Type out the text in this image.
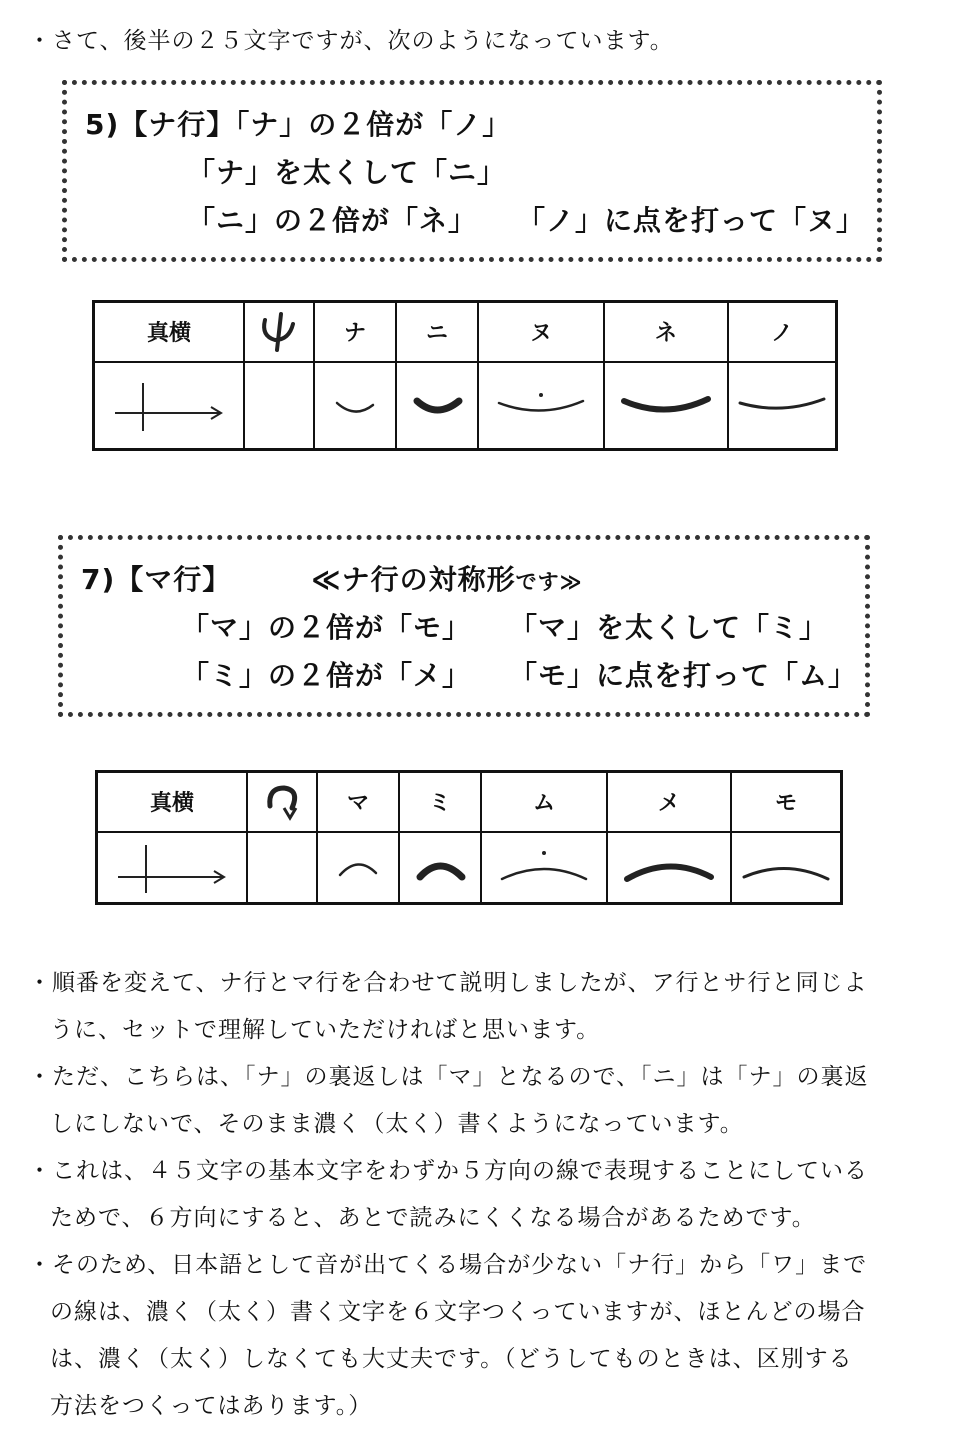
・さて、後半の２５文字ですが、次のようになっています。
5)【ナ行】「ナ」の２倍が「ノ」
「ナ」を太くして「ニ」
「ニ」の２倍が「ネ」 「ノ」に点を打って「ヌ」
真横		ナ	ニ	ヌ	ネ	ノ

7)【マ行】	≪ナ行の対称形です≫
「マ」の２倍が「モ」 「マ」を太くして「ミ」
「ミ」の２倍が「メ」 「モ」に点を打って「ム」
真横		マ	ミ	ム	メ	モ

・順番を変えて、ナ行とマ行を合わせて説明しましたが、ア行とサ行と同じよ
うに、セットで理解していただければと思います。
・ただ、こちらは、「ナ」の裏返しは「マ」となるので、「ニ」は「ナ」の裏返
しにしないで、そのまま濃く（太く）書くようになっています。
・これは、４５文字の基本文字をわずか５方向の線で表現することにしている
ためで、６方向にすると、あとで読みにくくなる場合があるためです。
・そのため、日本語として音が出てくる場合が少ない「ナ行」から「ワ」まで
の線は、濃く（太く）書く文字を６文字つくっていますが、ほとんどの場合
は、濃く（太く）しなくても大丈夫です。（どうしてものときは、区別する
方法をつくってはあります。）
